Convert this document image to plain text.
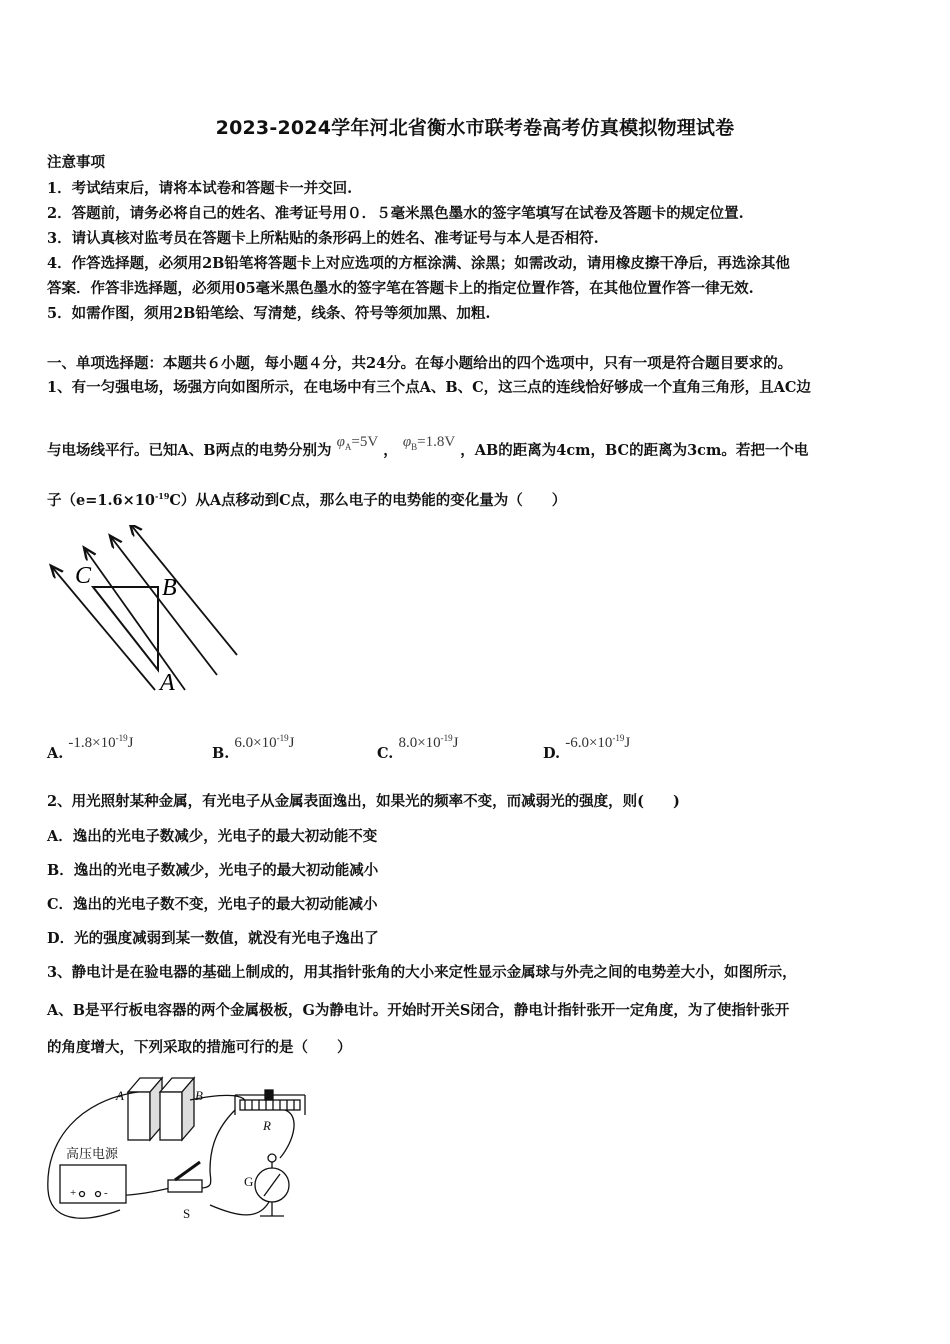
2023-2024学年河北省衡水市联考卷高考仿真模拟物理试卷
注意事项
1．考试结束后，请将本试卷和答题卡一并交回.
2．答题前，请务必将自己的姓名、准考证号用０．５毫米黑色墨水的签字笔填写在试卷及答题卡的规定位置.
3．请认真核对监考员在答题卡上所粘贴的条形码上的姓名、准考证号与本人是否相符.
4．作答选择题，必须用2B铅笔将答题卡上对应选项的方框涂满、涂黑；如需改动，请用橡皮擦干净后，再选涂其他
答案．作答非选择题，必须用05毫米黑色墨水的签字笔在答题卡上的指定位置作答，在其他位置作答一律无效.
5．如需作图，须用2B铅笔绘、写清楚，线条、符号等须加黑、加粗.
一、单项选择题：本题共６小题，每小题４分，共24分。在每小题给出的四个选项中，只有一项是符合题目要求的。
1、有一匀强电场，场强方向如图所示，在电场中有三个点A、B、C，这三点的连线恰好够成一个直角三角形，且AC边
与电场线平行。已知A、B两点的电势分别为 $\varphi_A=5V$ ， $\varphi_B=1.8V$ ，AB的距离为4cm，BC的距离为3cm。若把一个电
子$(e=1.6\times 10^{-19}C)$从A点移动到C点，那么电子的电势能的变化量为（　　）
C	B
A
A. $-1.8\times 10^{-19}J$
B. $6.0\times 10^{-19}J$
C. $8.0\times 10^{-19}J$
D. $-6.0\times 10^{-19}J$
2、用光照射某种金属，有光电子从金属表面逸出，如果光的频率不变，而减弱光的强度，则(　　)
A．逸出的光电子数减少，光电子的最大初动能不变
B．逸出的光电子数减少，光电子的最大初动能减小
C．逸出的光电子数不变，光电子的最大初动能减小
D．光的强度减弱到某一数值，就没有光电子逸出了
3、静电计是在验电器的基础上制成的，用其指针张角的大小来定性显示金属球与外壳之间的电势差大小，如图所示，
A、B是平行板电容器的两个金属极板，G为静电计。开始时开关S闭合，静电计指针张开一定角度，为了使指针张开
的角度增大，下列采取的措施可行的是（　　）
A	B
R
G
S
高压电源
+	-
